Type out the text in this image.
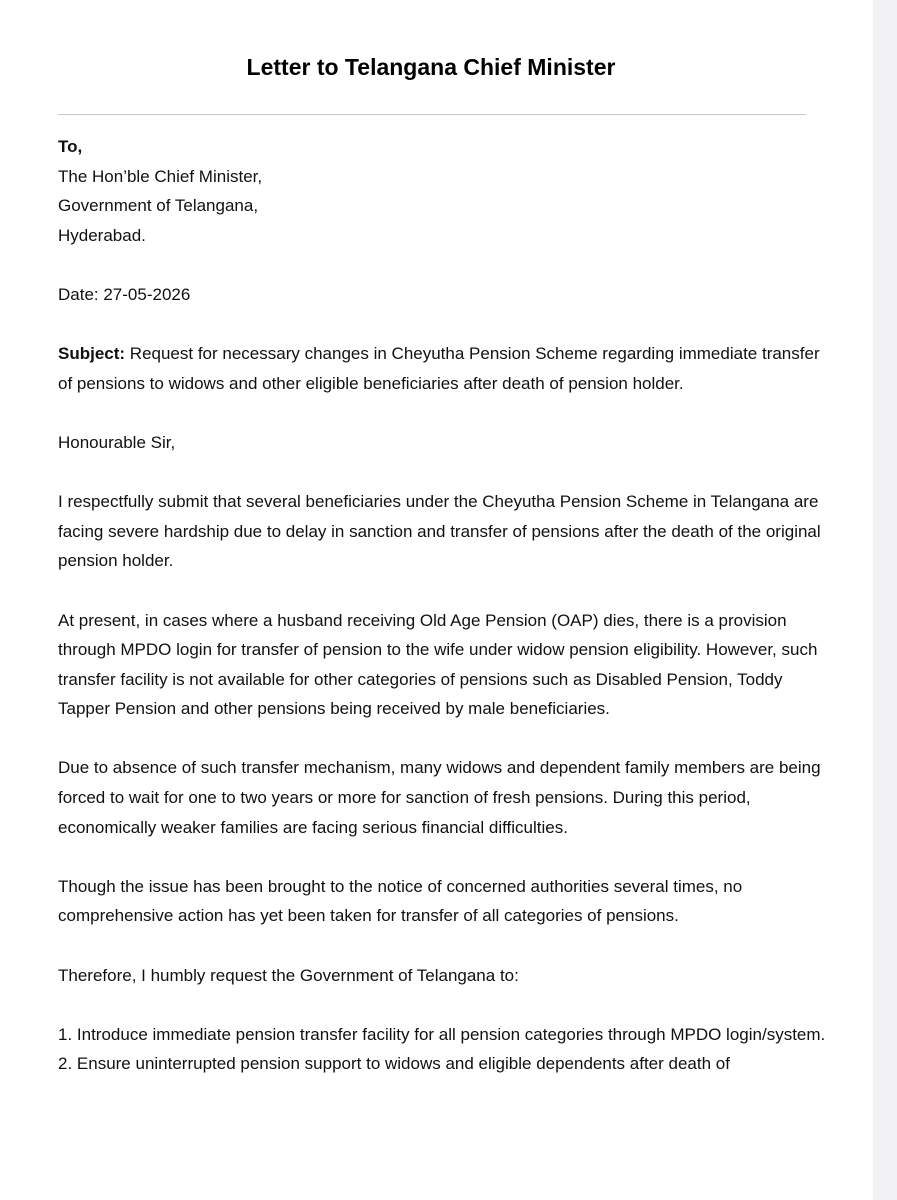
Letter to Telangana Chief Minister

To,

The Hon’ble Chief Minister,
Government of Telangana,
Hyderabad.

Date: 27-05-2026

Subject: Request for necessary changes in Cheyutha Pension Scheme regarding immediate transfer of pensions to widows and other eligible beneficiaries after death of pension holder.

Honourable Sir,

I respectfully submit that several beneficiaries under the Cheyutha Pension Scheme in Telangana are facing severe hardship due to delay in sanction and transfer of pensions after the death of the original pension holder.

At present, in cases where a husband receiving Old Age Pension (OAP) dies, there is a provision through MPDO login for transfer of pension to the wife under widow pension eligibility. However, such transfer facility is not available for other categories of pensions such as Disabled Pension, Toddy Tapper Pension and other pensions being received by male beneficiaries.

Due to absence of such transfer mechanism, many widows and dependent family members are being forced to wait for one to two years or more for sanction of fresh pensions. During this period, economically weaker families are facing serious financial difficulties.

Though the issue has been brought to the notice of concerned authorities several times, no comprehensive action has yet been taken for transfer of all categories of pensions.

Therefore, I humbly request the Government of Telangana to:

1. Introduce immediate pension transfer facility for all pension categories through MPDO login/system.

2. Ensure uninterrupted pension support to widows and eligible dependents after death of
